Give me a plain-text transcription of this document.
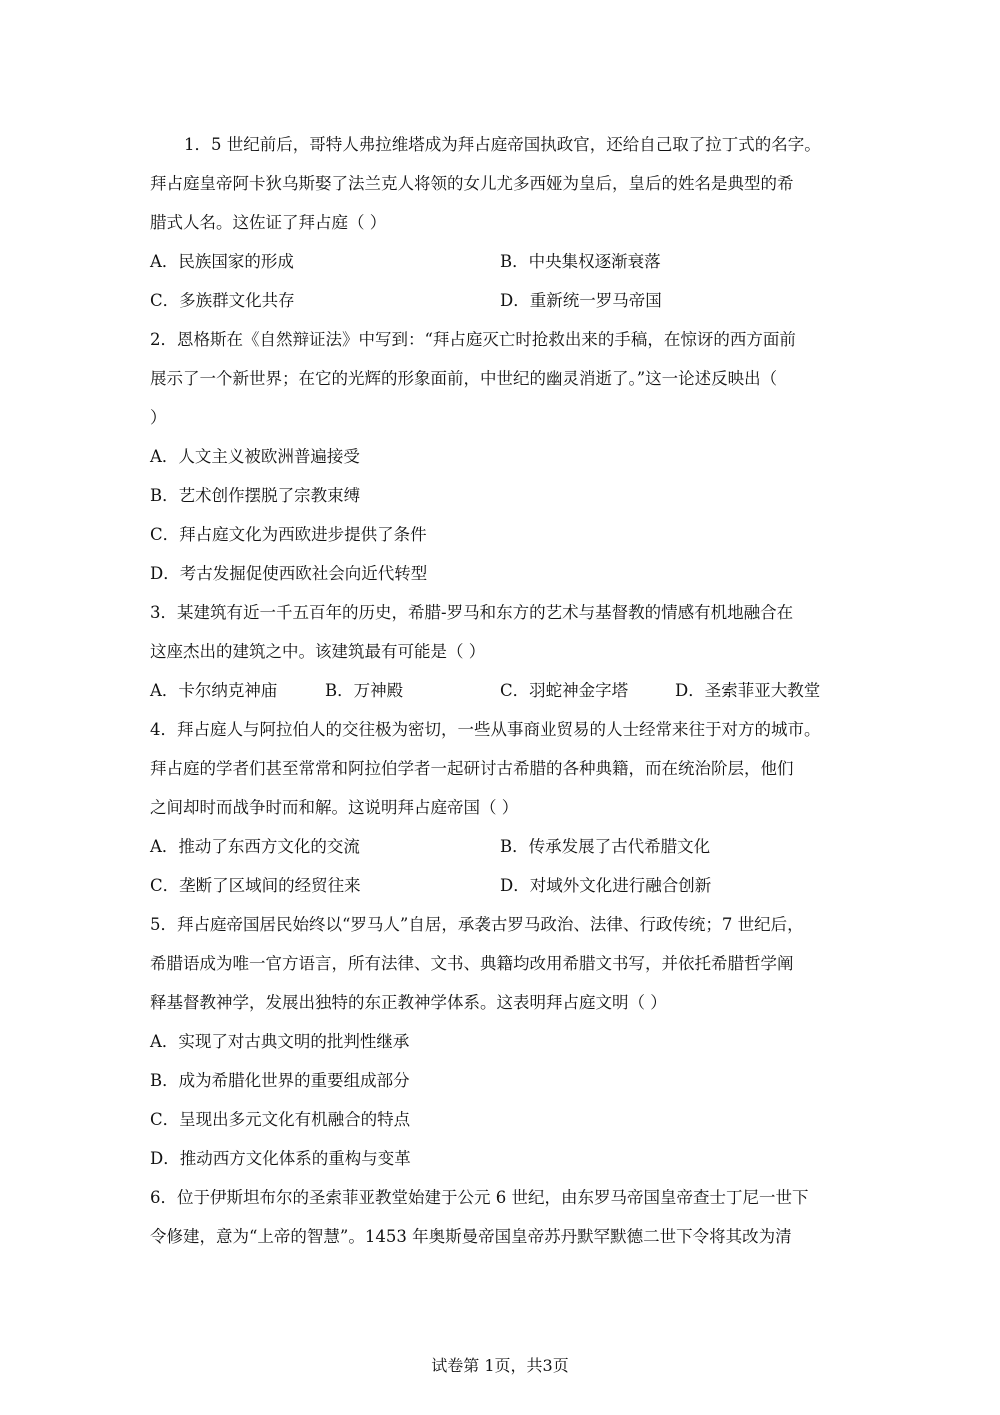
1．5 世纪前后，哥特人弗拉维塔成为拜占庭帝国执政官，还给自己取了拉丁式的名字。
拜占庭皇帝阿卡狄乌斯娶了法兰克人将领的女儿尤多西娅为皇后，皇后的姓名是典型的希
腊式人名。这佐证了拜占庭（ ）
A．民族国家的形成	B．中央集权逐渐衰落
C．多族群文化共存	D．重新统一罗马帝国
2．恩格斯在《自然辩证法》中写到：“拜占庭灭亡时抢救出来的手稿，在惊讶的西方面前
展示了一个新世界；在它的光辉的形象面前，中世纪的幽灵消逝了。”这一论述反映出（
）
A．人文主义被欧洲普遍接受
B．艺术创作摆脱了宗教束缚
C．拜占庭文化为西欧进步提供了条件
D．考古发掘促使西欧社会向近代转型
3．某建筑有近一千五百年的历史，希腊-罗马和东方的艺术与基督教的情感有机地融合在
这座杰出的建筑之中。该建筑最有可能是（ ）
A．卡尔纳克神庙	B．万神殿	C．羽蛇神金字塔	D．圣索菲亚大教堂
4．拜占庭人与阿拉伯人的交往极为密切，一些从事商业贸易的人士经常来往于对方的城市。
拜占庭的学者们甚至常常和阿拉伯学者一起研讨古希腊的各种典籍，而在统治阶层，他们
之间却时而战争时而和解。这说明拜占庭帝国（ ）
A．推动了东西方文化的交流	B．传承发展了古代希腊文化
C．垄断了区域间的经贸往来	D．对域外文化进行融合创新
5．拜占庭帝国居民始终以“罗马人”自居，承袭古罗马政治、法律、行政传统；7 世纪后，
希腊语成为唯一官方语言，所有法律、文书、典籍均改用希腊文书写，并依托希腊哲学阐
释基督教神学，发展出独特的东正教神学体系。这表明拜占庭文明（ ）
A．实现了对古典文明的批判性继承
B．成为希腊化世界的重要组成部分
C．呈现出多元文化有机融合的特点
D．推动西方文化体系的重构与变革
6．位于伊斯坦布尔的圣索菲亚教堂始建于公元 6 世纪，由东罗马帝国皇帝查士丁尼一世下
令修建，意为“上帝的智慧”。1453 年奥斯曼帝国皇帝苏丹默罕默德二世下令将其改为清
试卷第 1页，共3页
